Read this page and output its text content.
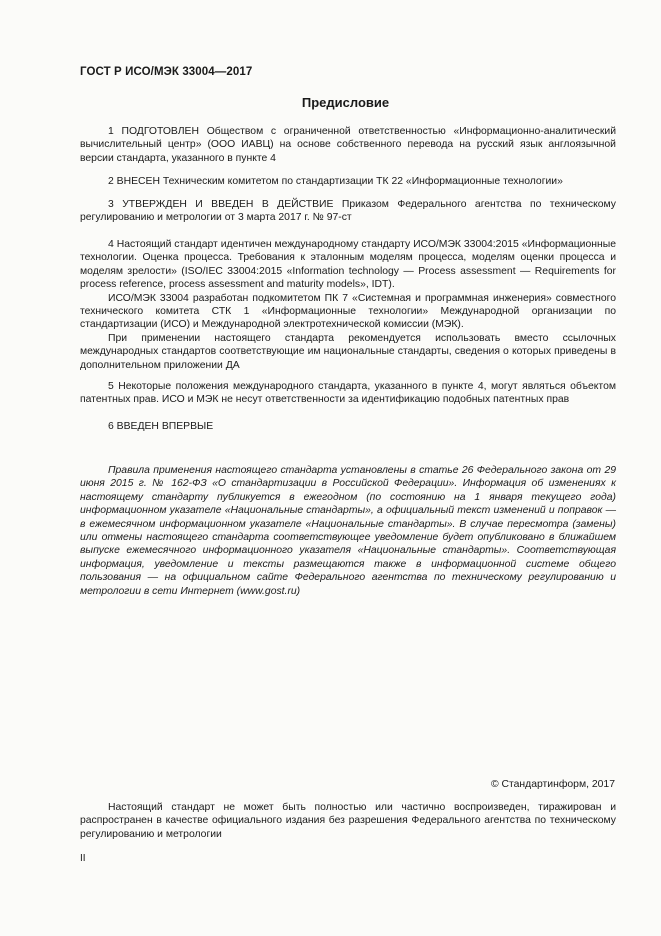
ГОСТ Р ИСО/МЭК 33004—2017
Предисловие

1 ПОДГОТОВЛЕН Обществом с ограниченной ответственностью «Информационно-аналитический вычислительный центр» (ООО ИАВЦ) на основе собственного перевода на русский язык англоязычной версии стандарта, указанного в пункте 4

2 ВНЕСЕН Техническим комитетом по стандартизации ТК 22 «Информационные технологии»

3 УТВЕРЖДЕН И ВВЕДЕН В ДЕЙСТВИЕ Приказом Федерального агентства по техническому регулированию и метрологии от 3 марта 2017 г. № 97-ст

4 Настоящий стандарт идентичен международному стандарту ИСО/МЭК 33004:2015 «Информационные технологии. Оценка процесса. Требования к эталонным моделям процесса, моделям оценки процесса и моделям зрелости» (ISO/IEC 33004:2015 «Information technology — Process assessment — Requirements for process reference, process assessment and maturity models», IDT).

ИСО/МЭК 33004 разработан подкомитетом ПК 7 «Системная и программная инженерия» совместного технического комитета СТК 1 «Информационные технологии» Международной организации по стандартизации (ИСО) и Международной электротехнической комиссии (МЭК).

При применении настоящего стандарта рекомендуется использовать вместо ссылочных международных стандартов соответствующие им национальные стандарты, сведения о которых приведены в дополнительном приложении ДА

5 Некоторые положения международного стандарта, указанного в пункте 4, могут являться объектом патентных прав. ИСО и МЭК не несут ответственности за идентификацию подобных патентных прав

6 ВВЕДЕН ВПЕРВЫЕ

Правила применения настоящего стандарта установлены в статье 26 Федерального закона от 29 июня 2015 г. № 162-ФЗ «О стандартизации в Российской Федерации». Информация об изменениях к настоящему стандарту публикуется в ежегодном (по состоянию на 1 января текущего года) информационном указателе «Национальные стандарты», а официальный текст изменений и поправок — в ежемесячном информационном указателе «Национальные стандарты». В случае пересмотра (замены) или отмены настоящего стандарта соответствующее уведомление будет опубликовано в ближайшем выпуске ежемесячного информационного указателя «Национальные стандарты». Соответствующая информация, уведомление и тексты размещаются также в информационной системе общего пользования — на официальном сайте Федерального агентства по техническому регулированию и метрологии в сети Интернет (www.gost.ru)

© Стандартинформ, 2017

Настоящий стандарт не может быть полностью или частично воспроизведен, тиражирован и распространен в качестве официального издания без разрешения Федерального агентства по техническому регулированию и метрологии

II
